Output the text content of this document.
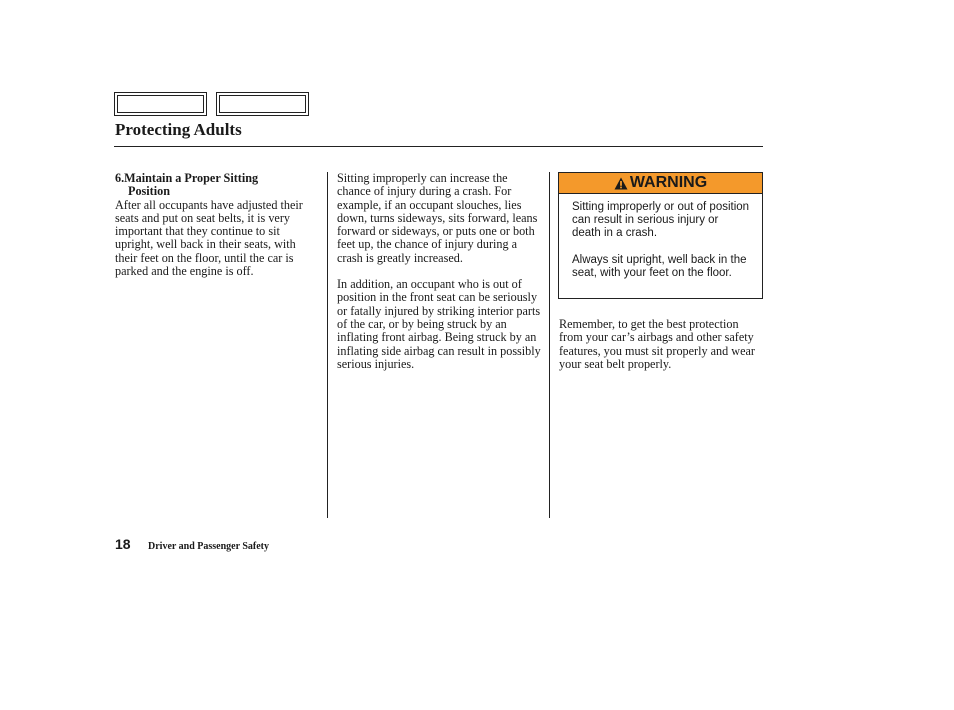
Protecting Adults
6.Maintain a Proper Sitting
Position

After all occupants have adjusted their seats and put on seat belts, it is very important that they continue to sit upright, well back in their seats, with their feet on the floor, until the car is parked and the engine is off.

Sitting improperly can increase the chance of injury during a crash. For example, if an occupant slouches, lies down, turns sideways, sits forward, leans forward or sideways, or puts one or both feet up, the chance of injury during a crash is greatly increased.

In addition, an occupant who is out of position in the front seat can be seriously or fatally injured by striking interior parts of the car, or by being struck by an inflating front airbag. Being struck by an inflating side airbag can result in possibly serious injuries.

WARNING

Sitting improperly or out of position can result in serious injury or death in a crash.

Always sit upright, well back in the seat, with your feet on the floor.

Remember, to get the best protection from your car’s airbags and other safety features, you must sit properly and wear your seat belt properly.

18 Driver and Passenger Safety
